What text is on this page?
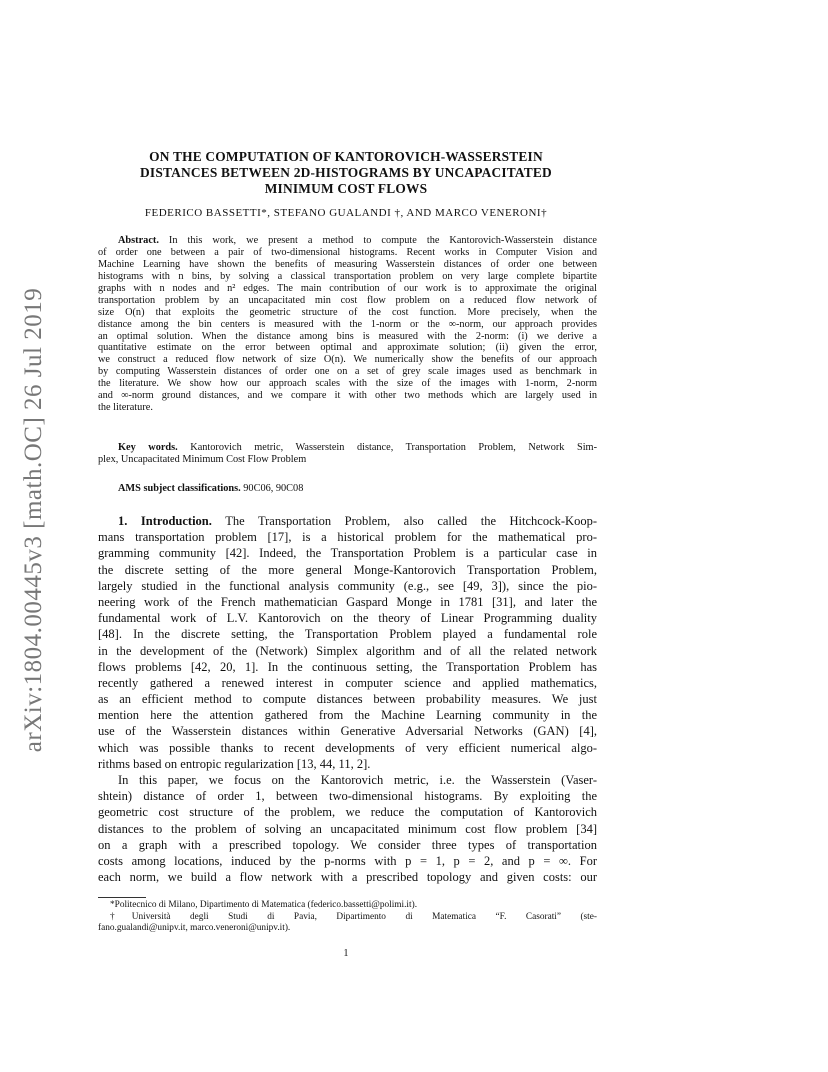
arXiv:1804.00445v3 [math.OC] 26 Jul 2019
ON THE COMPUTATION OF KANTOROVICH-WASSERSTEIN
DISTANCES BETWEEN 2D-HISTOGRAMS BY UNCAPACITATED
MINIMUM COST FLOWS
FEDERICO BASSETTI*, STEFANO GUALANDI †, AND MARCO VENERONI†
Abstract. In this work, we present a method to compute the Kantorovich-Wasserstein distance
of order one between a pair of two-dimensional histograms. Recent works in Computer Vision and
Machine Learning have shown the benefits of measuring Wasserstein distances of order one between
histograms with n bins, by solving a classical transportation problem on very large complete bipartite
graphs with n nodes and n² edges. The main contribution of our work is to approximate the original
transportation problem by an uncapacitated min cost flow problem on a reduced flow network of
size O(n) that exploits the geometric structure of the cost function. More precisely, when the
distance among the bin centers is measured with the 1-norm or the ∞-norm, our approach provides
an optimal solution. When the distance among bins is measured with the 2-norm: (i) we derive a
quantitative estimate on the error between optimal and approximate solution; (ii) given the error,
we construct a reduced flow network of size O(n). We numerically show the benefits of our approach
by computing Wasserstein distances of order one on a set of grey scale images used as benchmark in
the literature. We show how our approach scales with the size of the images with 1-norm, 2-norm
and ∞-norm ground distances, and we compare it with other two methods which are largely used in
the literature.
Key words. Kantorovich metric, Wasserstein distance, Transportation Problem, Network Sim-
plex, Uncapacitated Minimum Cost Flow Problem
AMS subject classifications. 90C06, 90C08
1. Introduction. The Transportation Problem, also called the Hitchcock-Koop-
mans transportation problem [17], is a historical problem for the mathematical pro-
gramming community [42]. Indeed, the Transportation Problem is a particular case in
the discrete setting of the more general Monge-Kantorovich Transportation Problem,
largely studied in the functional analysis community (e.g., see [49, 3]), since the pio-
neering work of the French mathematician Gaspard Monge in 1781 [31], and later the
fundamental work of L.V. Kantorovich on the theory of Linear Programming duality
[48]. In the discrete setting, the Transportation Problem played a fundamental role
in the development of the (Network) Simplex algorithm and of all the related network
flows problems [42, 20, 1]. In the continuous setting, the Transportation Problem has
recently gathered a renewed interest in computer science and applied mathematics,
as an efficient method to compute distances between probability measures. We just
mention here the attention gathered from the Machine Learning community in the
use of the Wasserstein distances within Generative Adversarial Networks (GAN) [4],
which was possible thanks to recent developments of very efficient numerical algo-
rithms based on entropic regularization [13, 44, 11, 2].
In this paper, we focus on the Kantorovich metric, i.e. the Wasserstein (Vaser-
shtein) distance of order 1, between two-dimensional histograms. By exploiting the
geometric cost structure of the problem, we reduce the computation of Kantorovich
distances to the problem of solving an uncapacitated minimum cost flow problem [34]
on a graph with a prescribed topology. We consider three types of transportation
costs among locations, induced by the p-norms with p = 1, p = 2, and p = ∞. For
each norm, we build a flow network with a prescribed topology and given costs: our
*Politecnico di Milano, Dipartimento di Matematica (federico.bassetti@polimi.it).
†Università degli Studi di Pavia, Dipartimento di Matematica “F. Casorati” (ste-
fano.gualandi@unipv.it, marco.veneroni@unipv.it).
1
